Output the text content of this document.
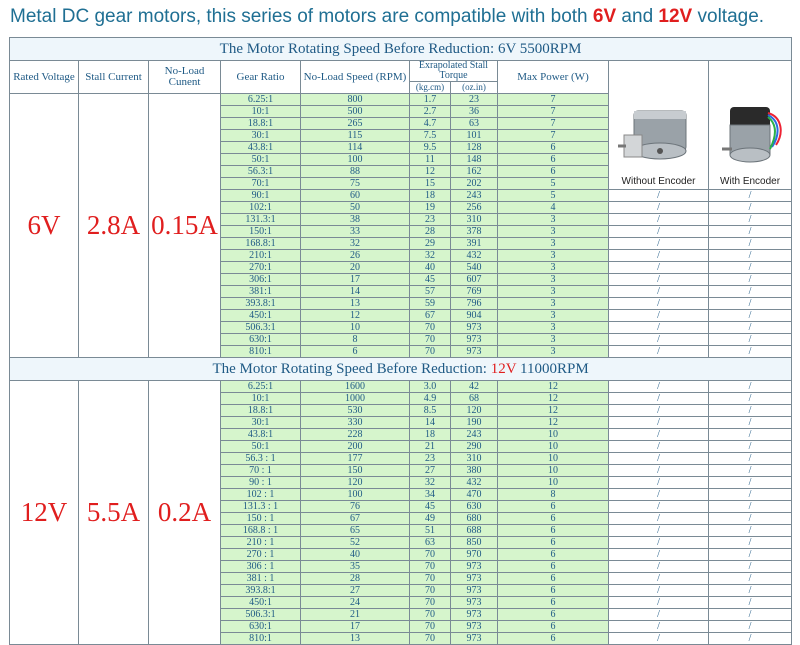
Metal DC gear motors, this series of motors are compatible with both 6V and 12V voltage.
The Motor Rotating Speed Before Reduction: 6V 5500RPM									
Rated Voltage	Stall Current	No-Load Cunent	Gear Ratio	No-Load Speed (RPM)	Exrapolated Stall Torque		Max Power (W)	Without Encoder	With Encoder

					(kg.cm)	(oz.in)			
6V	2.8A	0.15A	6.25:1	800	1.7	23	7		
			10:1	500	2.7	36	7		
			18.8:1	265	4.7	63	7		
			30:1	115	7.5	101	7		
			43.8:1	114	9.5	128	6		
			50:1	100	11	148	6		
			56.3:1	88	12	162	6		
			70:1	75	15	202	5		
			90:1	60	18	243	5	/	/
			102:1	50	19	256	4	/	/
			131.3:1	38	23	310	3	/	/
			150:1	33	28	378	3	/	/
			168.8:1	32	29	391	3	/	/
			210:1	26	32	432	3	/	/
			270:1	20	40	540	3	/	/
			306:1	17	45	607	3	/	/
			381:1	14	57	769	3	/	/
			393.8:1	13	59	796	3	/	/
			450:1	12	67	904	3	/	/
			506.3:1	10	70	973	3	/	/
			630:1	8	70	973	3	/	/
			810:1	6	70	973	3	/	/
The Motor Rotating Speed Before Reduction: 12V 11000RPM									
12V	5.5A	0.2A	6.25:1	1600	3.0	42	12	/	/
			10:1	1000	4.9	68	12	/	/
			18.8:1	530	8.5	120	12	/	/
			30:1	330	14	190	12	/	/
			43.8:1	228	18	243	10	/	/
			50:1	200	21	290	10	/	/
			56.3 : 1	177	23	310	10	/	/
			70 : 1	150	27	380	10	/	/
			90 : 1	120	32	432	10	/	/
			102 : 1	100	34	470	8	/	/
			131.3 : 1	76	45	630	6	/	/
			150 : 1	67	49	680	6	/	/
			168.8 : 1	65	51	688	6	/	/
			210 : 1	52	63	850	6	/	/
			270 : 1	40	70	970	6	/	/
			306 : 1	35	70	973	6	/	/
			381 : 1	28	70	973	6	/	/
			393.8:1	27	70	973	6	/	/
			450:1	24	70	973	6	/	/
			506.3:1	21	70	973	6	/	/
			630:1	17	70	973	6	/	/
			810:1	13	70	973	6	/	/
